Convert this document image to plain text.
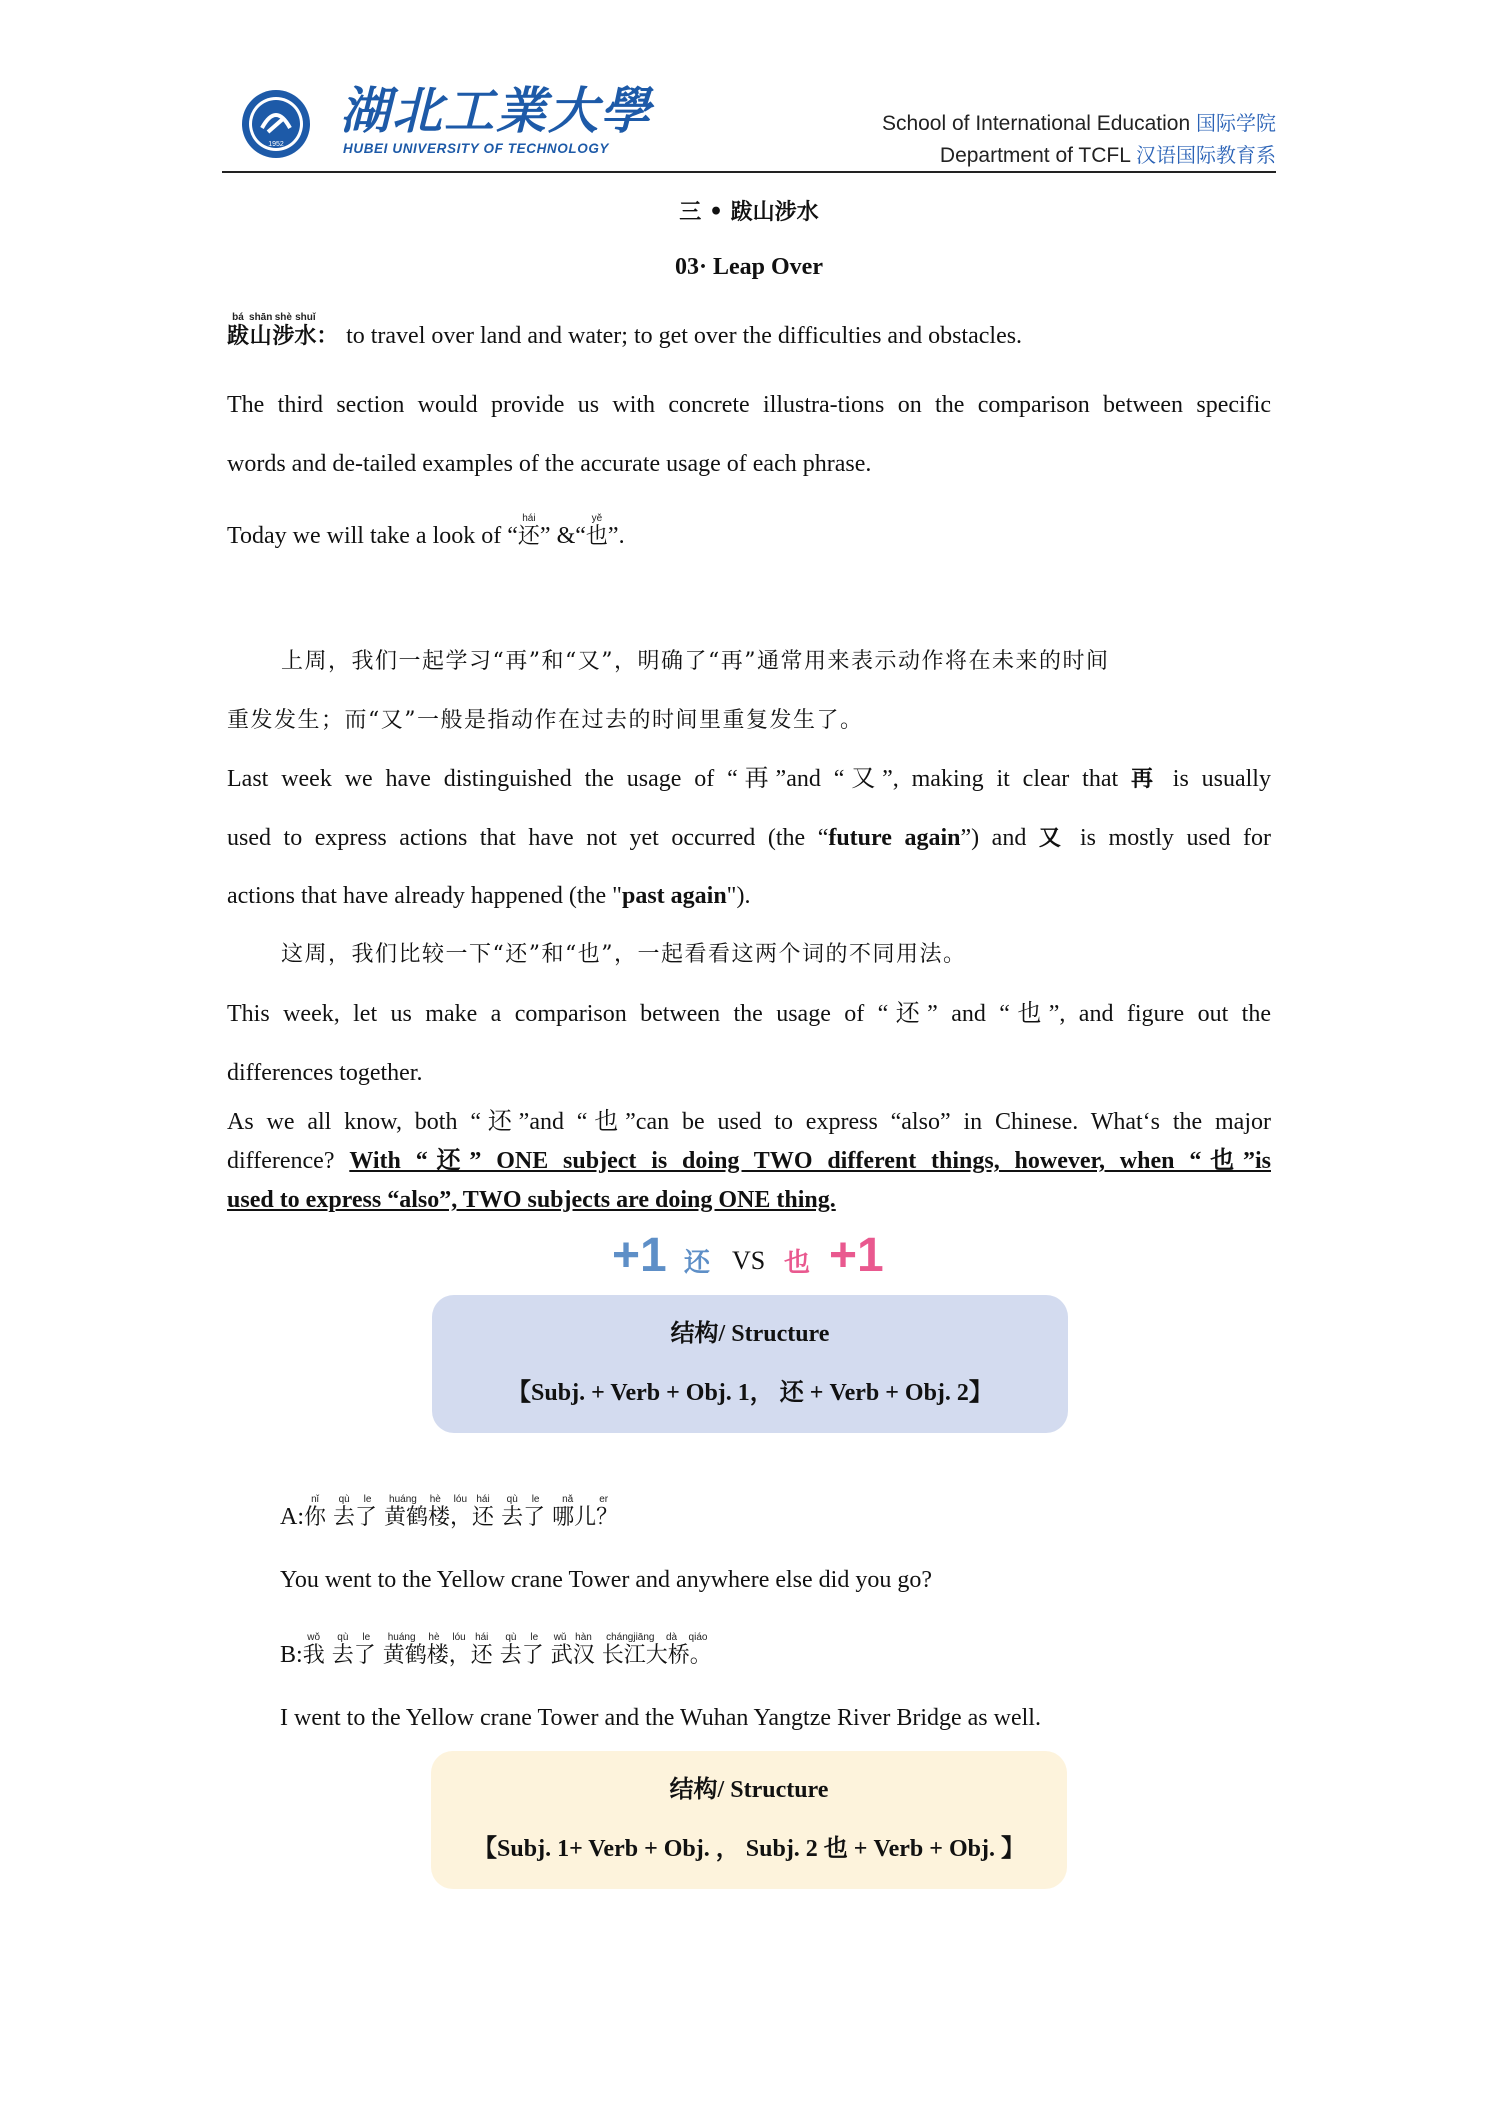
1952
湖北工業大學
HUBEI UNIVERSITY OF TECHNOLOGY
School of International Education 国际学院
Department of TCFL 汉语国际教育系
三 • 跋山涉水
03· Leap Over
跋bá山shān涉shè水shuǐ： to travel over land and water; to get over the difficulties and obstacles.
The third section would provide us with concrete illustra-tions on the comparison between specific
words and de-tailed examples of the accurate usage of each phrase.
Today we will take a look of “还hái” &“也yě”.
上周，我们一起学习“再”和“又”，明确了“再”通常用来表示动作将在未来的时间
重发发生；而“又”一般是指动作在过去的时间里重复发生了。
Last week we have distinguished the usage of “再”and “又”, making it clear that 再 is usually
used to express actions that have not yet occurred (the “future again”) and 又 is mostly used for
actions that have already happened (the "past again").
这周，我们比较一下“还”和“也”，一起看看这两个词的不同用法。
This week, let us make a comparison between the usage of “还” and “也”, and figure out the
differences together.
As we all know, both “还”and “也”can be used to express “also” in Chinese. What‘s the major
difference? With “还” ONE subject is doing TWO different things, however, when “也”is
used to express “also”, TWO subjects are doing ONE thing.
+1 还 VS 也 +1
结构/ Structure
【Subj. + Verb + Obj. 1， 还 + Verb + Obj. 2】
A:你nǐ 去了qù le 黄鹤楼，huáng hè lóu还hái 去了qù le 哪儿？nǎ er
You went to the Yellow crane Tower and anywhere else did you go?
B:我wǒ 去了qù le 黄鹤楼，huáng hè lóu还hái 去了qù le 武汉wǔ hàn 长江大桥。chángjiāng dà qiáo
I went to the Yellow crane Tower and the Wuhan Yangtze River Bridge as well.
结构/ Structure
【Subj. 1+ Verb + Obj. ， Subj. 2 也 + Verb + Obj. 】
